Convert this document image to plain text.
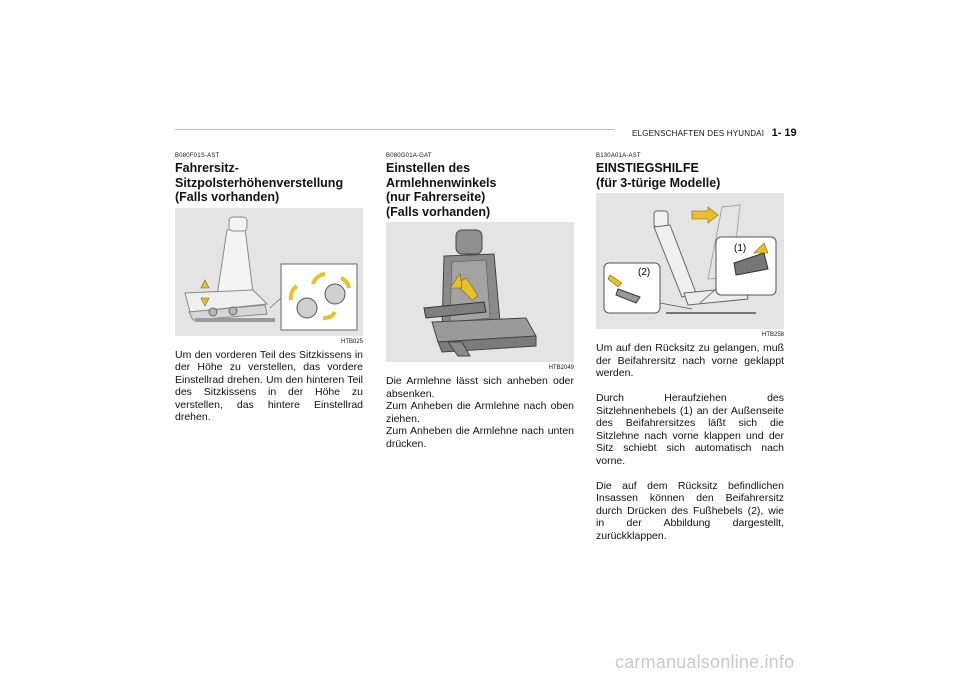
ELGENSCHAFTEN DES HYUNDAI 1- 19
B080F01S-AST
Fahrersitz-
Sitzpolsterhöhenverstellung
(Falls vorhanden)
HTB025

Um den vorderen Teil des Sitzkissens in der Höhe zu verstellen, das vordere Einstellrad drehen. Um den hinteren Teil des Sitzkissens in der Höhe zu verstellen, das hintere Einstellrad drehen.

B080G01A-GAT
Einstellen des
Armlehnenwinkels
(nur Fahrerseite)
(Falls vorhanden)
HTB2049
Die Armlehne lässt sich anheben oder absenken.
Zum Anheben die Armlehne nach oben ziehen.
Zum Anheben die Armlehne nach unten drücken.
B130A01A-AST
EINSTIEGSHILFE
(für 3-türige Modelle)
(1)
(2)
HTB258

Um auf den Rücksitz zu gelangen, muß der Beifahrersitz nach vorne geklappt werden.

Durch Heraufziehen des Sitzlehnenhebels (1) an der Außenseite des Beifahrersitzes läßt sich die Sitzlehne nach vorne klappen und der Sitz schiebt sich automatisch nach vorne.

Die auf dem Rücksitz befindlichen Insassen können den Beifahrersitz durch Drücken des Fußhebels (2), wie in der Abbildung dargestellt, zurückklappen.

carmanualsonline.info
